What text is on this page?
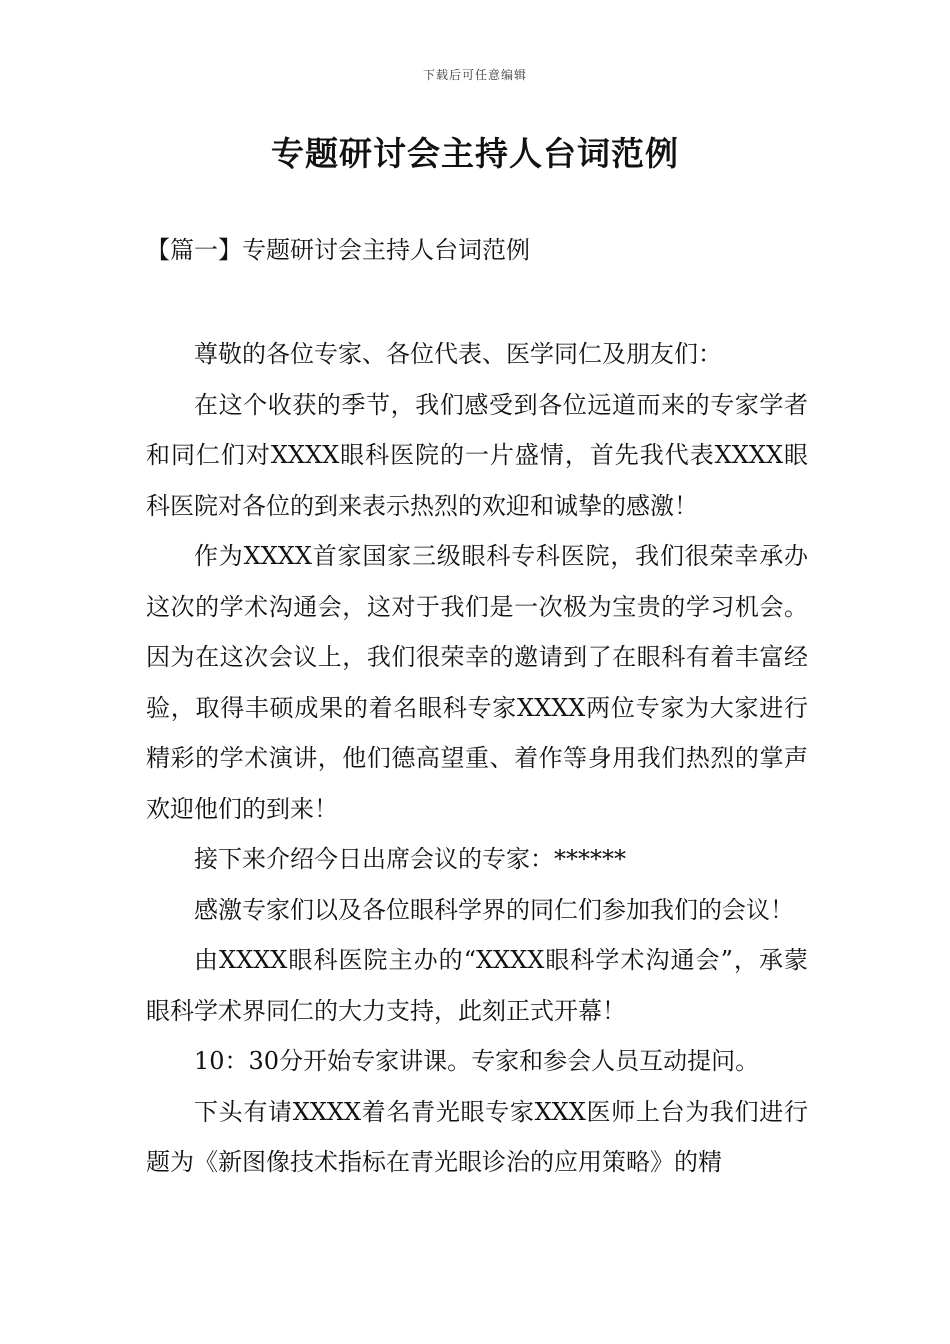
下载后可任意编辑
专题研讨会主持人台词范例
【篇一】专题研讨会主持人台词范例

尊敬的各位专家、各位代表、医学同仁及朋友们：

在这个收获的季节，我们感受到各位远道而来的专家学者和同仁们对XXXX眼科医院的一片盛情，首先我代表XXXX眼科医院对各位的到来表示热烈的欢迎和诚挚的感激！

作为XXXX首家国家三级眼科专科医院，我们很荣幸承办这次的学术沟通会，这对于我们是一次极为宝贵的学习机会。因为在这次会议上，我们很荣幸的邀请到了在眼科有着丰富经验，取得丰硕成果的着名眼科专家XXXX两位专家为大家进行精彩的学术演讲，他们德高望重、着作等身用我们热烈的掌声欢迎他们的到来！

接下来介绍今日出席会议的专家：******

感激专家们以及各位眼科学界的同仁们参加我们的会议！

由XXXX眼科医院主办的“XXXX眼科学术沟通会”，承蒙眼科学术界同仁的大力支持，此刻正式开幕！

10：30分开始专家讲课。专家和参会人员互动提问。

下头有请XXXX着名青光眼专家XXX医师上台为我们进行题为《新图像技术指标在青光眼诊治的应用策略》的精
